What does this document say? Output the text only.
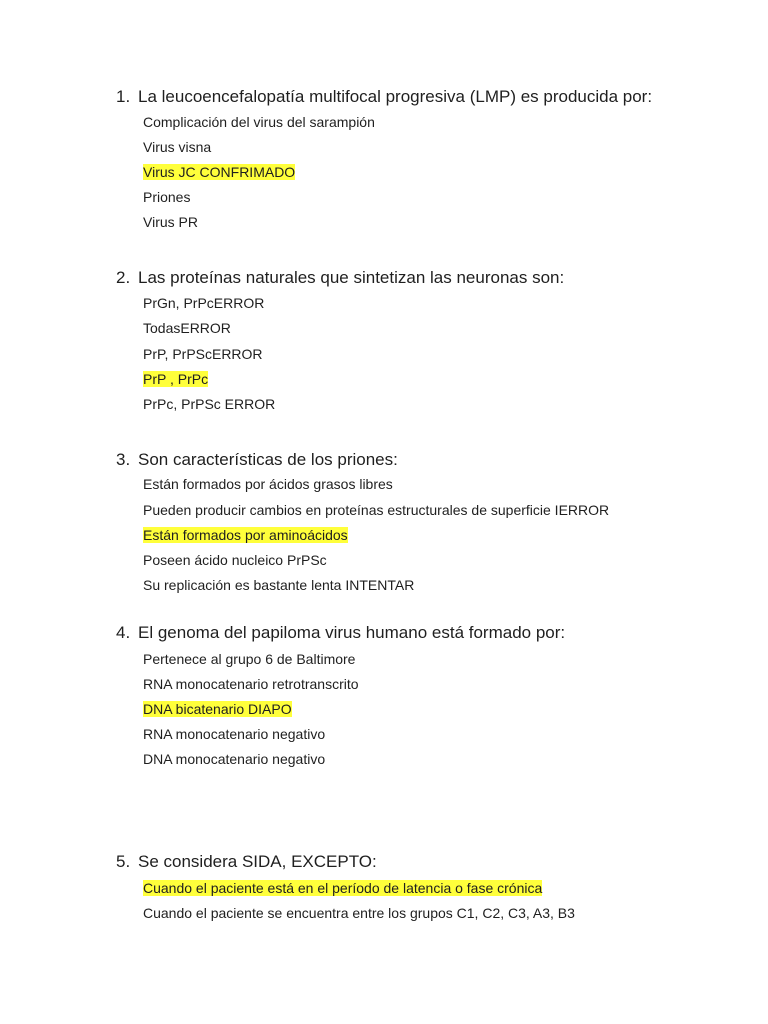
1. La leucoencefalopatía multifocal progresiva (LMP) es producida por:
Complicación del virus del sarampión
Virus visna
Virus JC CONFRIMADO
Priones
Virus PR
2. Las proteínas naturales que sintetizan las neuronas son:
PrGn, PrPcERROR
TodasERROR
PrP, PrPScERROR
PrP , PrPc
PrPc, PrPSc ERROR
3. Son características de los priones:
Están formados por ácidos grasos libres
Pueden producir cambios en proteínas estructurales de superficie IERROR
Están formados por aminoácidos
Poseen ácido nucleico PrPSc
Su replicación es bastante lenta INTENTAR
4. El genoma del papiloma virus humano está formado por:
Pertenece al grupo 6 de Baltimore
RNA monocatenario retrotranscrito
DNA bicatenario DIAPO
RNA monocatenario negativo
DNA monocatenario negativo
5. Se considera SIDA, EXCEPTO:
Cuando el paciente está en el período de latencia o fase crónica
Cuando el paciente se encuentra entre los grupos C1, C2, C3, A3, B3
